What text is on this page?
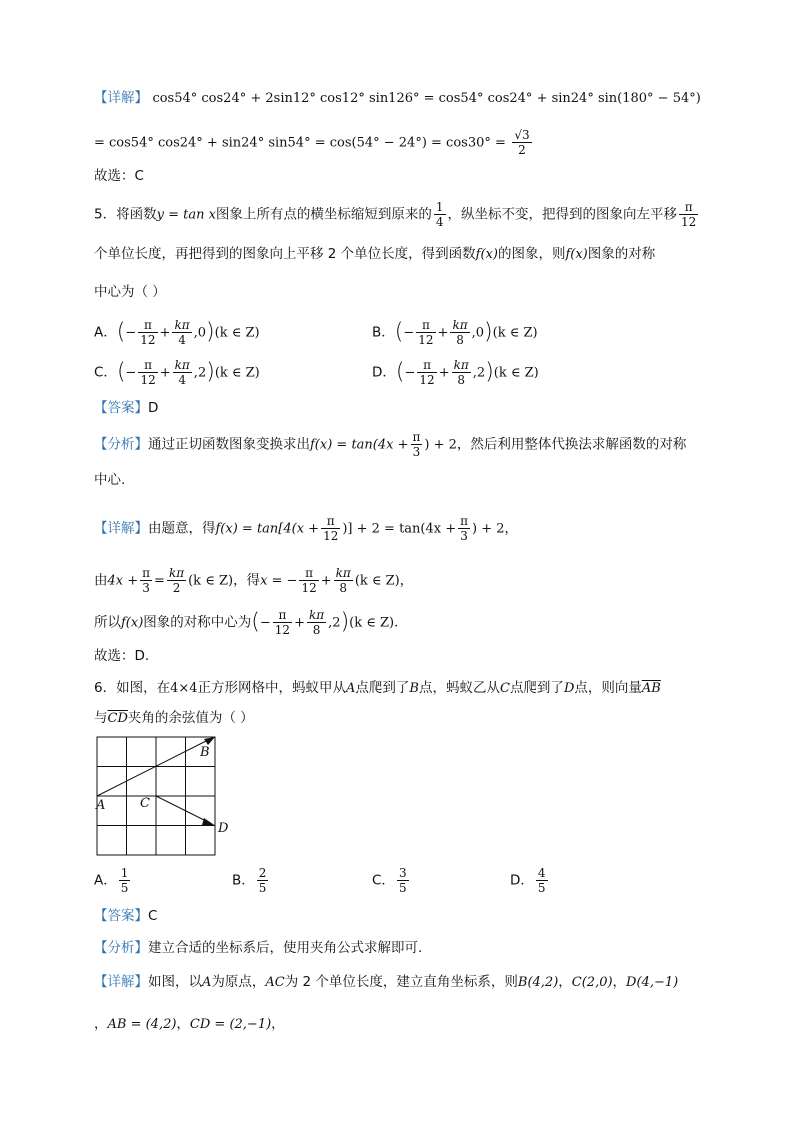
【详解】 cos54° cos24° + 2sin12° cos12° sin126° = cos54° cos24° + sin24° sin(180° − 54°)
= cos54° cos24° + sin24° $\sin 54^\circ = \cos(54^\circ - 24^\circ) = \cos 30^\circ = \frac{√3}{2}$
故选：C
5．将函数y = tan x图象上所有点的横坐标缩短到原来的 $\frac{1}{4}$ ，纵坐标不变，把得到的图象向左平移 $\frac{\pi}{12}$
个单位长度，再把得到的图象向上平移 2 个单位长度，得到函数f(x)的图象，则f(x)图象的对称
中心为（ ）
A．(− $\frac{\pi}{12} + \frac{k\pi}{4} ,0)(k$ ∈ Z)	B．(− $\frac{\pi}{12} + \frac{k\pi}{8} ,0)(k$ ∈ Z)
C．(− $\frac{\pi}{12} + \frac{k\pi}{4} ,2)(k$ ∈ Z)	D．(− $\frac{\pi}{12} + \frac{k\pi}{8} ,2)(k$ ∈ Z)
【答案】D
【分析】通过正切函数图象变换求出$f(x) = \tan(4x + \frac{\pi}{3}$ ) + 2，然后利用整体代换法求解函数的对称
中心.
【详解】由题意，得$f(x) = \tan[4(x + \frac{\pi}{12}$ )] + $2 = \tan(4x + \frac{\pi}{3}$ ) + 2，
由$4x + \frac{\pi}{3} = \frac{k\pi}{2} (k$ ∈ Z)，得x = − $\frac{\pi}{12} + \frac{k\pi}{8} (k$ ∈ Z)，
所以f(x)图象的对称中心为(− $\frac{\pi}{12} + \frac{k\pi}{8} ,2)(k$ ∈ Z).
故选：D.
6．如图，在4×4正方形网格中，蚂蚁甲从A点爬到了B点，蚂蚁乙从C点爬到了D点，则向量$\overline{AB}$
与$\overline{CD}$夹角的余弦值为（ ）
A	C
B
D
A． $\frac{1}{5}$	B． $\frac{2}{5}$	C． $\frac{3}{5}$	D． $\frac{4}{5}$
【答案】C
【分析】建立合适的坐标系后，使用夹角公式求解即可.
【详解】如图，以A为原点，AC为 2 个单位长度，建立直角坐标系，则B(4,2)，C(2,0)，D(4,−1)
，AB = (4,2)，CD = (2,−1)，
